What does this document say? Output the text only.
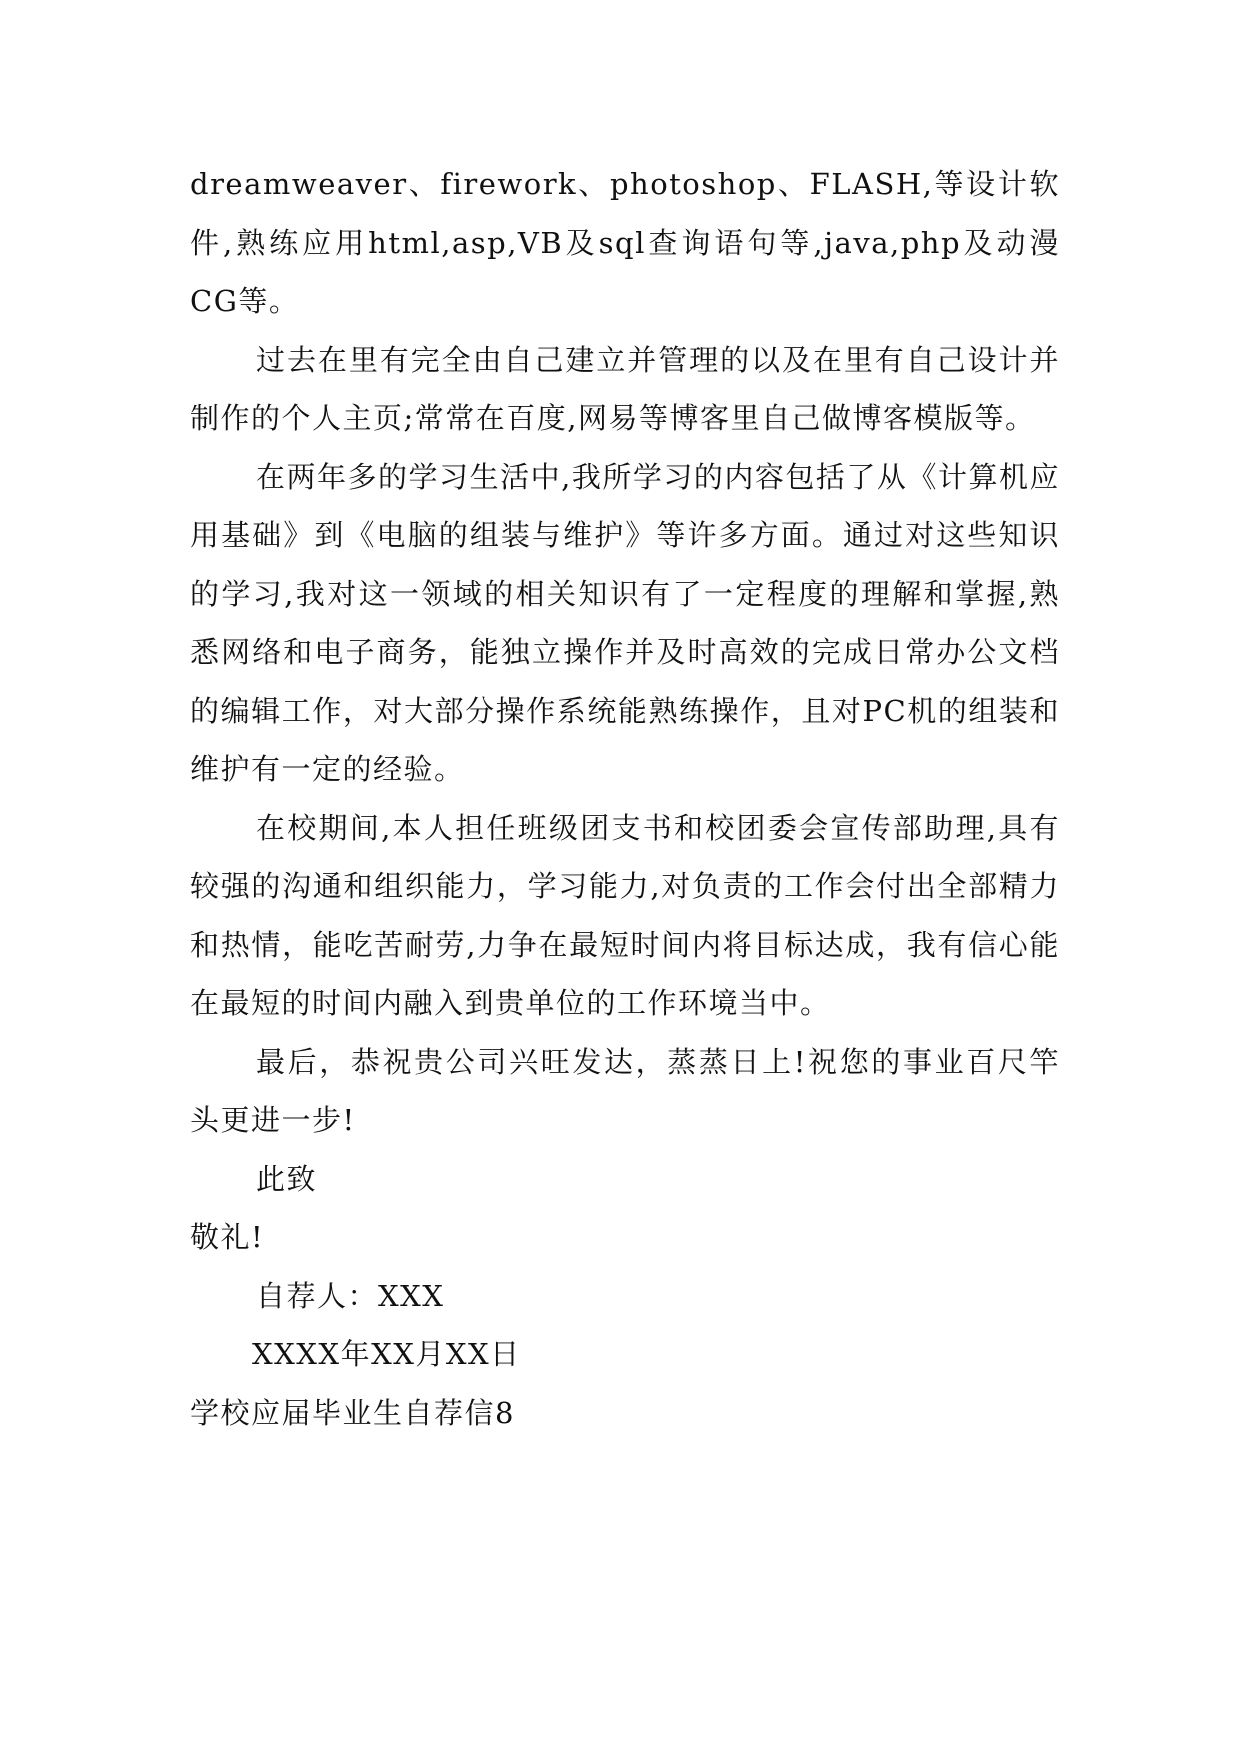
dreamweaver、firework、photoshop、FLASH,等设计软件,熟练应用html,asp,VB及sql查询语句等,java,php及动漫CG等。

过去在里有完全由自己建立并管理的以及在里有自己设计并制作的个人主页;常常在百度,网易等博客里自己做博客模版等。

在两年多的学习生活中,我所学习的内容包括了从《计算机应用基础》到《电脑的组装与维护》等许多方面。通过对这些知识的学习,我对这一领域的相关知识有了一定程度的理解和掌握,熟悉网络和电子商务，能独立操作并及时高效的完成日常办公文档的编辑工作，对大部分操作系统能熟练操作，且对PC机的组装和维护有一定的经验。

在校期间,本人担任班级团支书和校团委会宣传部助理,具有较强的沟通和组织能力，学习能力,对负责的工作会付出全部精力和热情，能吃苦耐劳,力争在最短时间内将目标达成，我有信心能在最短的时间内融入到贵单位的工作环境当中。

最后，恭祝贵公司兴旺发达，蒸蒸日上!祝您的事业百尺竿头更进一步!

此致

敬礼!

自荐人：XXX

XXXX年XX月XX日

学校应届毕业生自荐信8
